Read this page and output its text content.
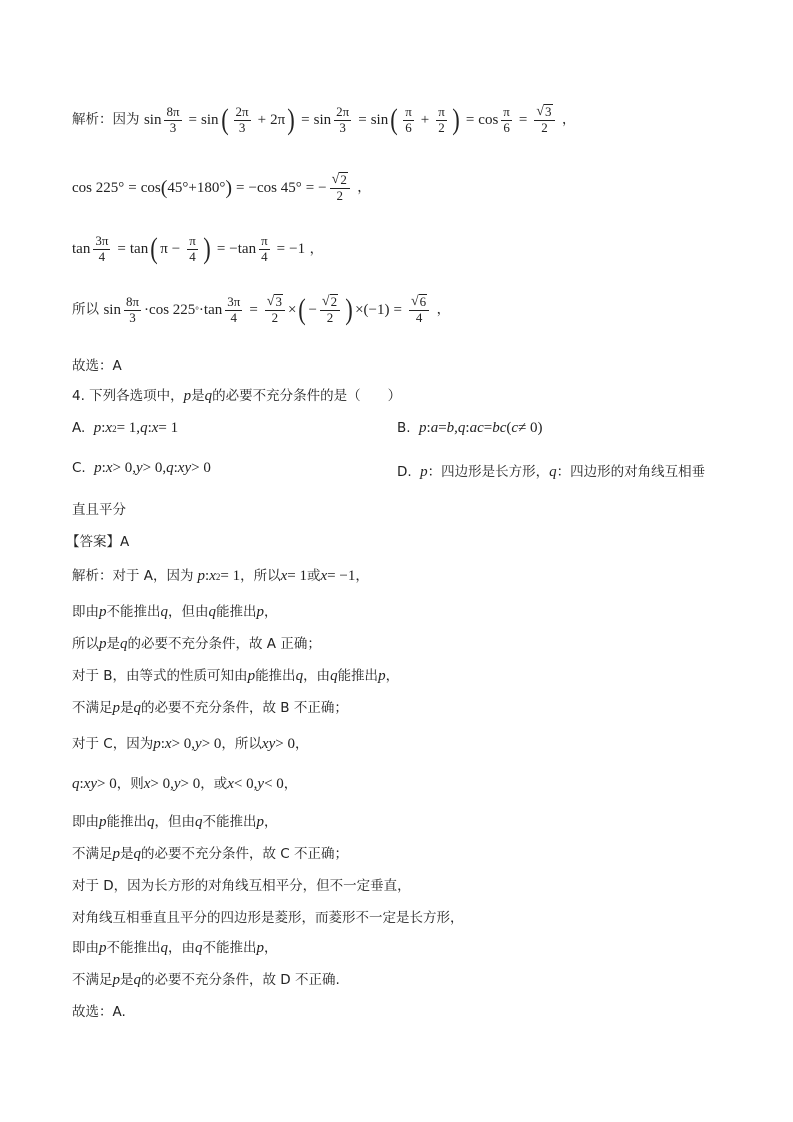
解析：因为 $\sin \frac{8\pi}{3} = \sin$ ( $\frac{2\pi}{3} + 2\pi$ ) = $\sin \frac{2\pi}{3} = \sin$ ( $\frac{\pi}{6} + \frac{\pi}{2}$ ) = $\cos \frac{\pi}{6} = \frac{√ 3}{2}$ ，
cos 225° = cos ( 45°+180° ) = −cos 45° = − $\frac{√ 2}{2}$ ，
$\tan \frac{3\pi}{4} = \tan$ ( $\pi - \frac{\pi}{4}$ ) = $-\tan \frac{\pi}{4} = -1$ ，
所以 $\sin \frac{8\pi}{3} \cdot\cos$ 225 ° $\cdot\tan \frac{3\pi}{4} = \frac{√ 3}{2}$ × ( − $\frac{√ 2}{2}$ ) $\times(-1) = \frac{√ 6}{4}$ ，
故选：A
4. 下列各选项中， p 是 q 的必要不充分条件的是（　　）
A. p : x 2 = 1, q : x = 1	B. p : a = b , q : ac = bc ( c ≠ 0)
C. p : x > 0, y > 0, q : xy > 0	D. p ：四边形是长方形， q ：四边形的对角线互相垂
直且平分
【答案】A
解析：对于 A，因为 p : x 2 = 1，所以 x = 1或 x = −1，
即由 p 不能推出 q ，但由 q 能推出 p ，
所以 p 是 q 的必要不充分条件，故 A 正确；
对于 B，由等式的性质可知由 p 能推出 q ，由 q 能推出 p ，
不满足 p 是 q 的必要不充分条件，故 B 不正确；
对于 C，因为 p : x > 0, y > 0，所以 xy > 0，
q : xy > 0，则 x > 0, y > 0，或 x < 0, y < 0，
即由 p 能推出 q ，但由 q 不能推出 p ，
不满足 p 是 q 的必要不充分条件，故 C 不正确；
对于 D，因为长方形的对角线互相平分，但不一定垂直，
对角线互相垂直且平分的四边形是菱形，而菱形不一定是长方形，
即由 p 不能推出 q ，由 q 不能推出 p ，
不满足 p 是 q 的必要不充分条件，故 D 不正确.
故选：A.
